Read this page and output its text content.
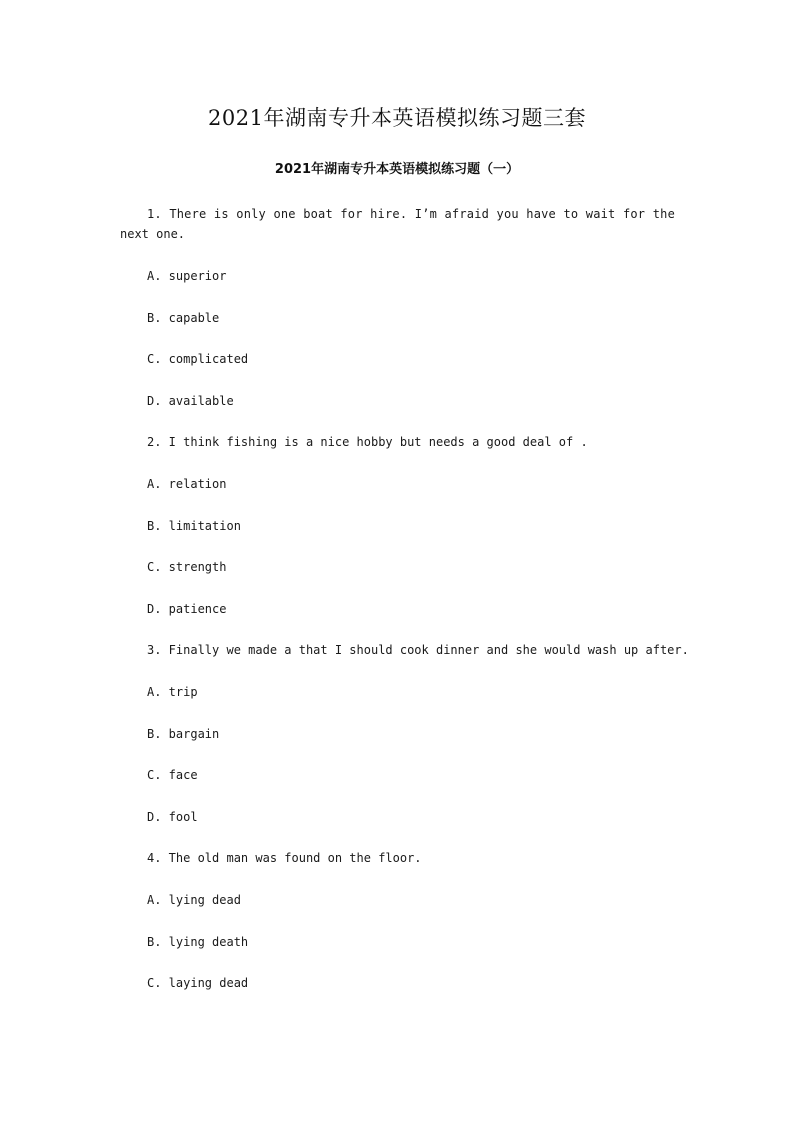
2021年湖南专升本英语模拟练习题三套
2021年湖南专升本英语模拟练习题（一）
1. There is only one boat for hire. I’m afraid you have to wait for the
next one.
A. superior
B. capable
C. complicated
D. available
2. I think fishing is a nice hobby but needs a good deal of .
A. relation
B. limitation
C. strength
D. patience
3. Finally we made a that I should cook dinner and she would wash up after.
A. trip
B. bargain
C. face
D. fool
4. The old man was found on the floor.
A. lying dead
B. lying death
C. laying dead
